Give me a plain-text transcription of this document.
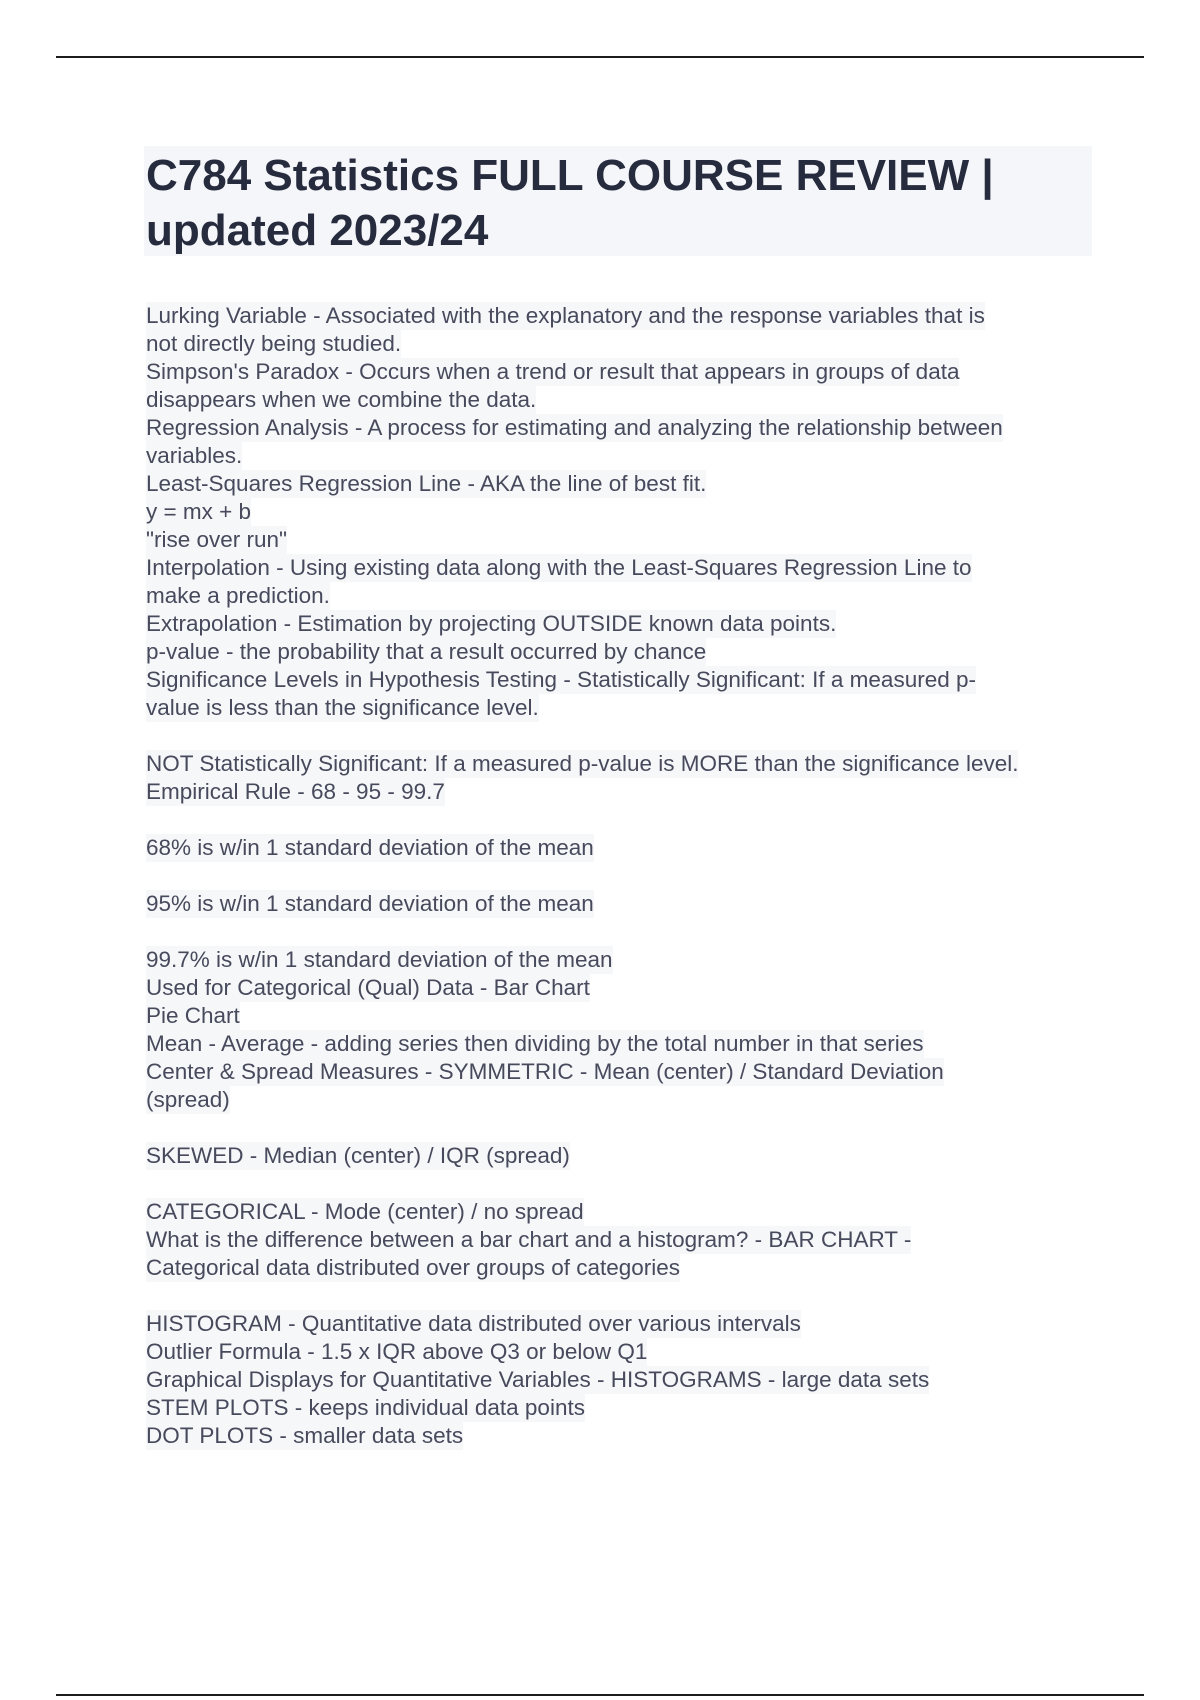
C784 Statistics FULL COURSE REVIEW |
updated 2023/24
Lurking Variable - Associated with the explanatory and the response variables that is
not directly being studied.
Simpson's Paradox - Occurs when a trend or result that appears in groups of data
disappears when we combine the data.
Regression Analysis - A process for estimating and analyzing the relationship between
variables.
Least-Squares Regression Line - AKA the line of best fit.
y = mx + b
"rise over run"
Interpolation - Using existing data along with the Least-Squares Regression Line to
make a prediction.
Extrapolation - Estimation by projecting OUTSIDE known data points.
p-value - the probability that a result occurred by chance
Significance Levels in Hypothesis Testing - Statistically Significant: If a measured p-
value is less than the significance level.
NOT Statistically Significant: If a measured p-value is MORE than the significance level.
Empirical Rule - 68 - 95 - 99.7
68% is w/in 1 standard deviation of the mean
95% is w/in 1 standard deviation of the mean
99.7% is w/in 1 standard deviation of the mean
Used for Categorical (Qual) Data - Bar Chart
Pie Chart
Mean - Average - adding series then dividing by the total number in that series
Center & Spread Measures - SYMMETRIC - Mean (center) / Standard Deviation
(spread)
SKEWED - Median (center) / IQR (spread)
CATEGORICAL - Mode (center) / no spread
What is the difference between a bar chart and a histogram? - BAR CHART -
Categorical data distributed over groups of categories
HISTOGRAM - Quantitative data distributed over various intervals
Outlier Formula - 1.5 x IQR above Q3 or below Q1
Graphical Displays for Quantitative Variables - HISTOGRAMS - large data sets
STEM PLOTS - keeps individual data points
DOT PLOTS - smaller data sets
